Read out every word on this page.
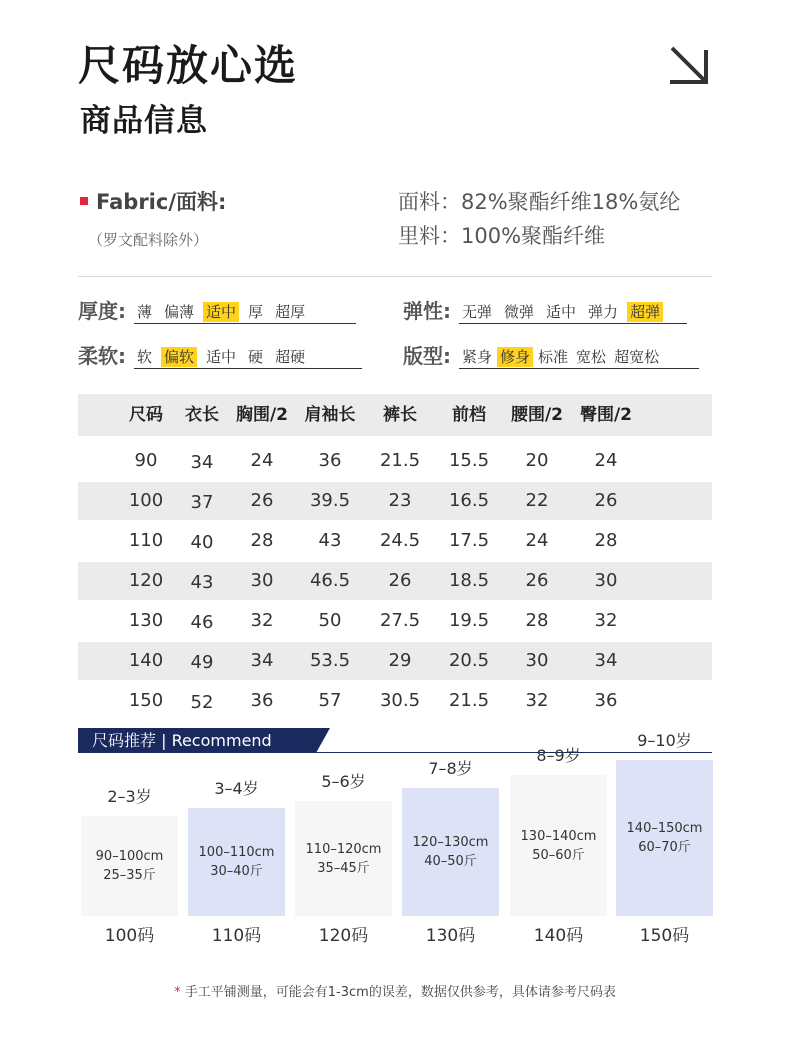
尺码放心选
商品信息
Fabric/面料:
（罗文配料除外）
面料：82%聚酯纤维18%氨纶
里料：100%聚酯纤维
厚度: 薄 偏薄 适中 厚 超厚	弹性: 无弹 微弹 适中 弹力 超弹
柔软: 软 偏软 适中 硬 超硬	版型: 紧身 修身 标准 宽松 超宽松
尺码 衣长 胸围/2 肩袖长 裤长 前档 腰围/2 臀围/2
90 34 24	36 21.5 15.5 20	24
100 37 26 39.5 23 16.5 22	26
110 40 28	43 24.5 17.5 24	28
120 43 30 46.5 26 18.5 26	30
130 46 32	50 27.5 19.5 28	32
140 49 34 53.5 29 20.5 30	34
150 52 36	57 30.5 21.5 32	36
尺码推荐 | Recommend
2–3岁
90–100cm
25–35斤
100码
3–4岁
100–110cm
30–40斤
110码
5–6岁
110–120cm
35–45斤
120码
7–8岁
120–130cm
40–50斤
130码
8–9岁
130–140cm
50–60斤
140码
9–10岁
140–150cm
60–70斤
150码
* 手工平铺测量，可能会有1-3cm的误差，数据仅供参考，具体请参考尺码表
